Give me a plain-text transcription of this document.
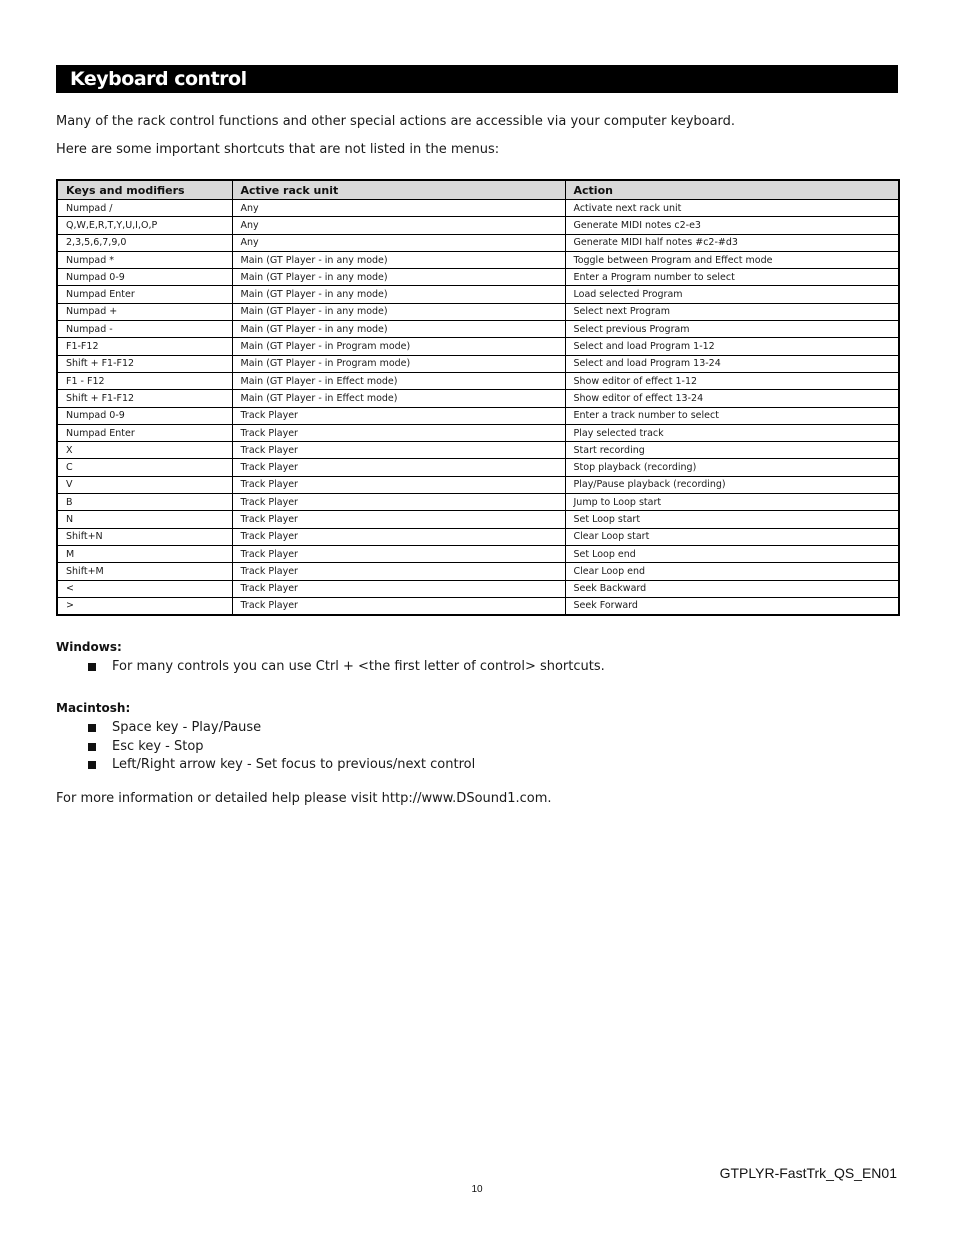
Keyboard control

Many of the rack control functions and other special actions are accessible via your computer keyboard.

Here are some important shortcuts that are not listed in the menus:

Keys and modifiers	Active rack unit	Action
Numpad /	Any	Activate next rack unit
Q,W,E,R,T,Y,U,I,O,P	Any	Generate MIDI notes c2-e3
2,3,5,6,7,9,0	Any	Generate MIDI half notes #c2-#d3
Numpad *	Main (GT Player - in any mode)	Toggle between Program and Effect mode
Numpad 0-9	Main (GT Player - in any mode)	Enter a Program number to select
Numpad Enter	Main (GT Player - in any mode)	Load selected Program
Numpad +	Main (GT Player - in any mode)	Select next Program
Numpad -	Main (GT Player - in any mode)	Select previous Program
F1-F12	Main (GT Player - in Program mode)	Select and load Program 1-12
Shift + F1-F12	Main (GT Player - in Program mode)	Select and load Program 13-24
F1 - F12	Main (GT Player - in Effect mode)	Show editor of effect 1-12
Shift + F1-F12	Main (GT Player - in Effect mode)	Show editor of effect 13-24
Numpad 0-9	Track Player	Enter a track number to select
Numpad Enter	Track Player	Play selected track
X	Track Player	Start recording
C	Track Player	Stop playback (recording)
V	Track Player	Play/Pause playback (recording)
B	Track Player	Jump to Loop start
N	Track Player	Set Loop start
Shift+N	Track Player	Clear Loop start
M	Track Player	Set Loop end
Shift+M	Track Player	Clear Loop end
<	Track Player	Seek Backward
>	Track Player	Seek Forward

Windows:

For many controls you can use Ctrl + <the first letter of control> shortcuts.

Macintosh:

Space key - Play/Pause
Esc key - Stop
Left/Right arrow key - Set focus to previous/next control

For more information or detailed help please visit http://www.DSound1.com.

GTPLYR-FastTrk_QS_EN01
10
